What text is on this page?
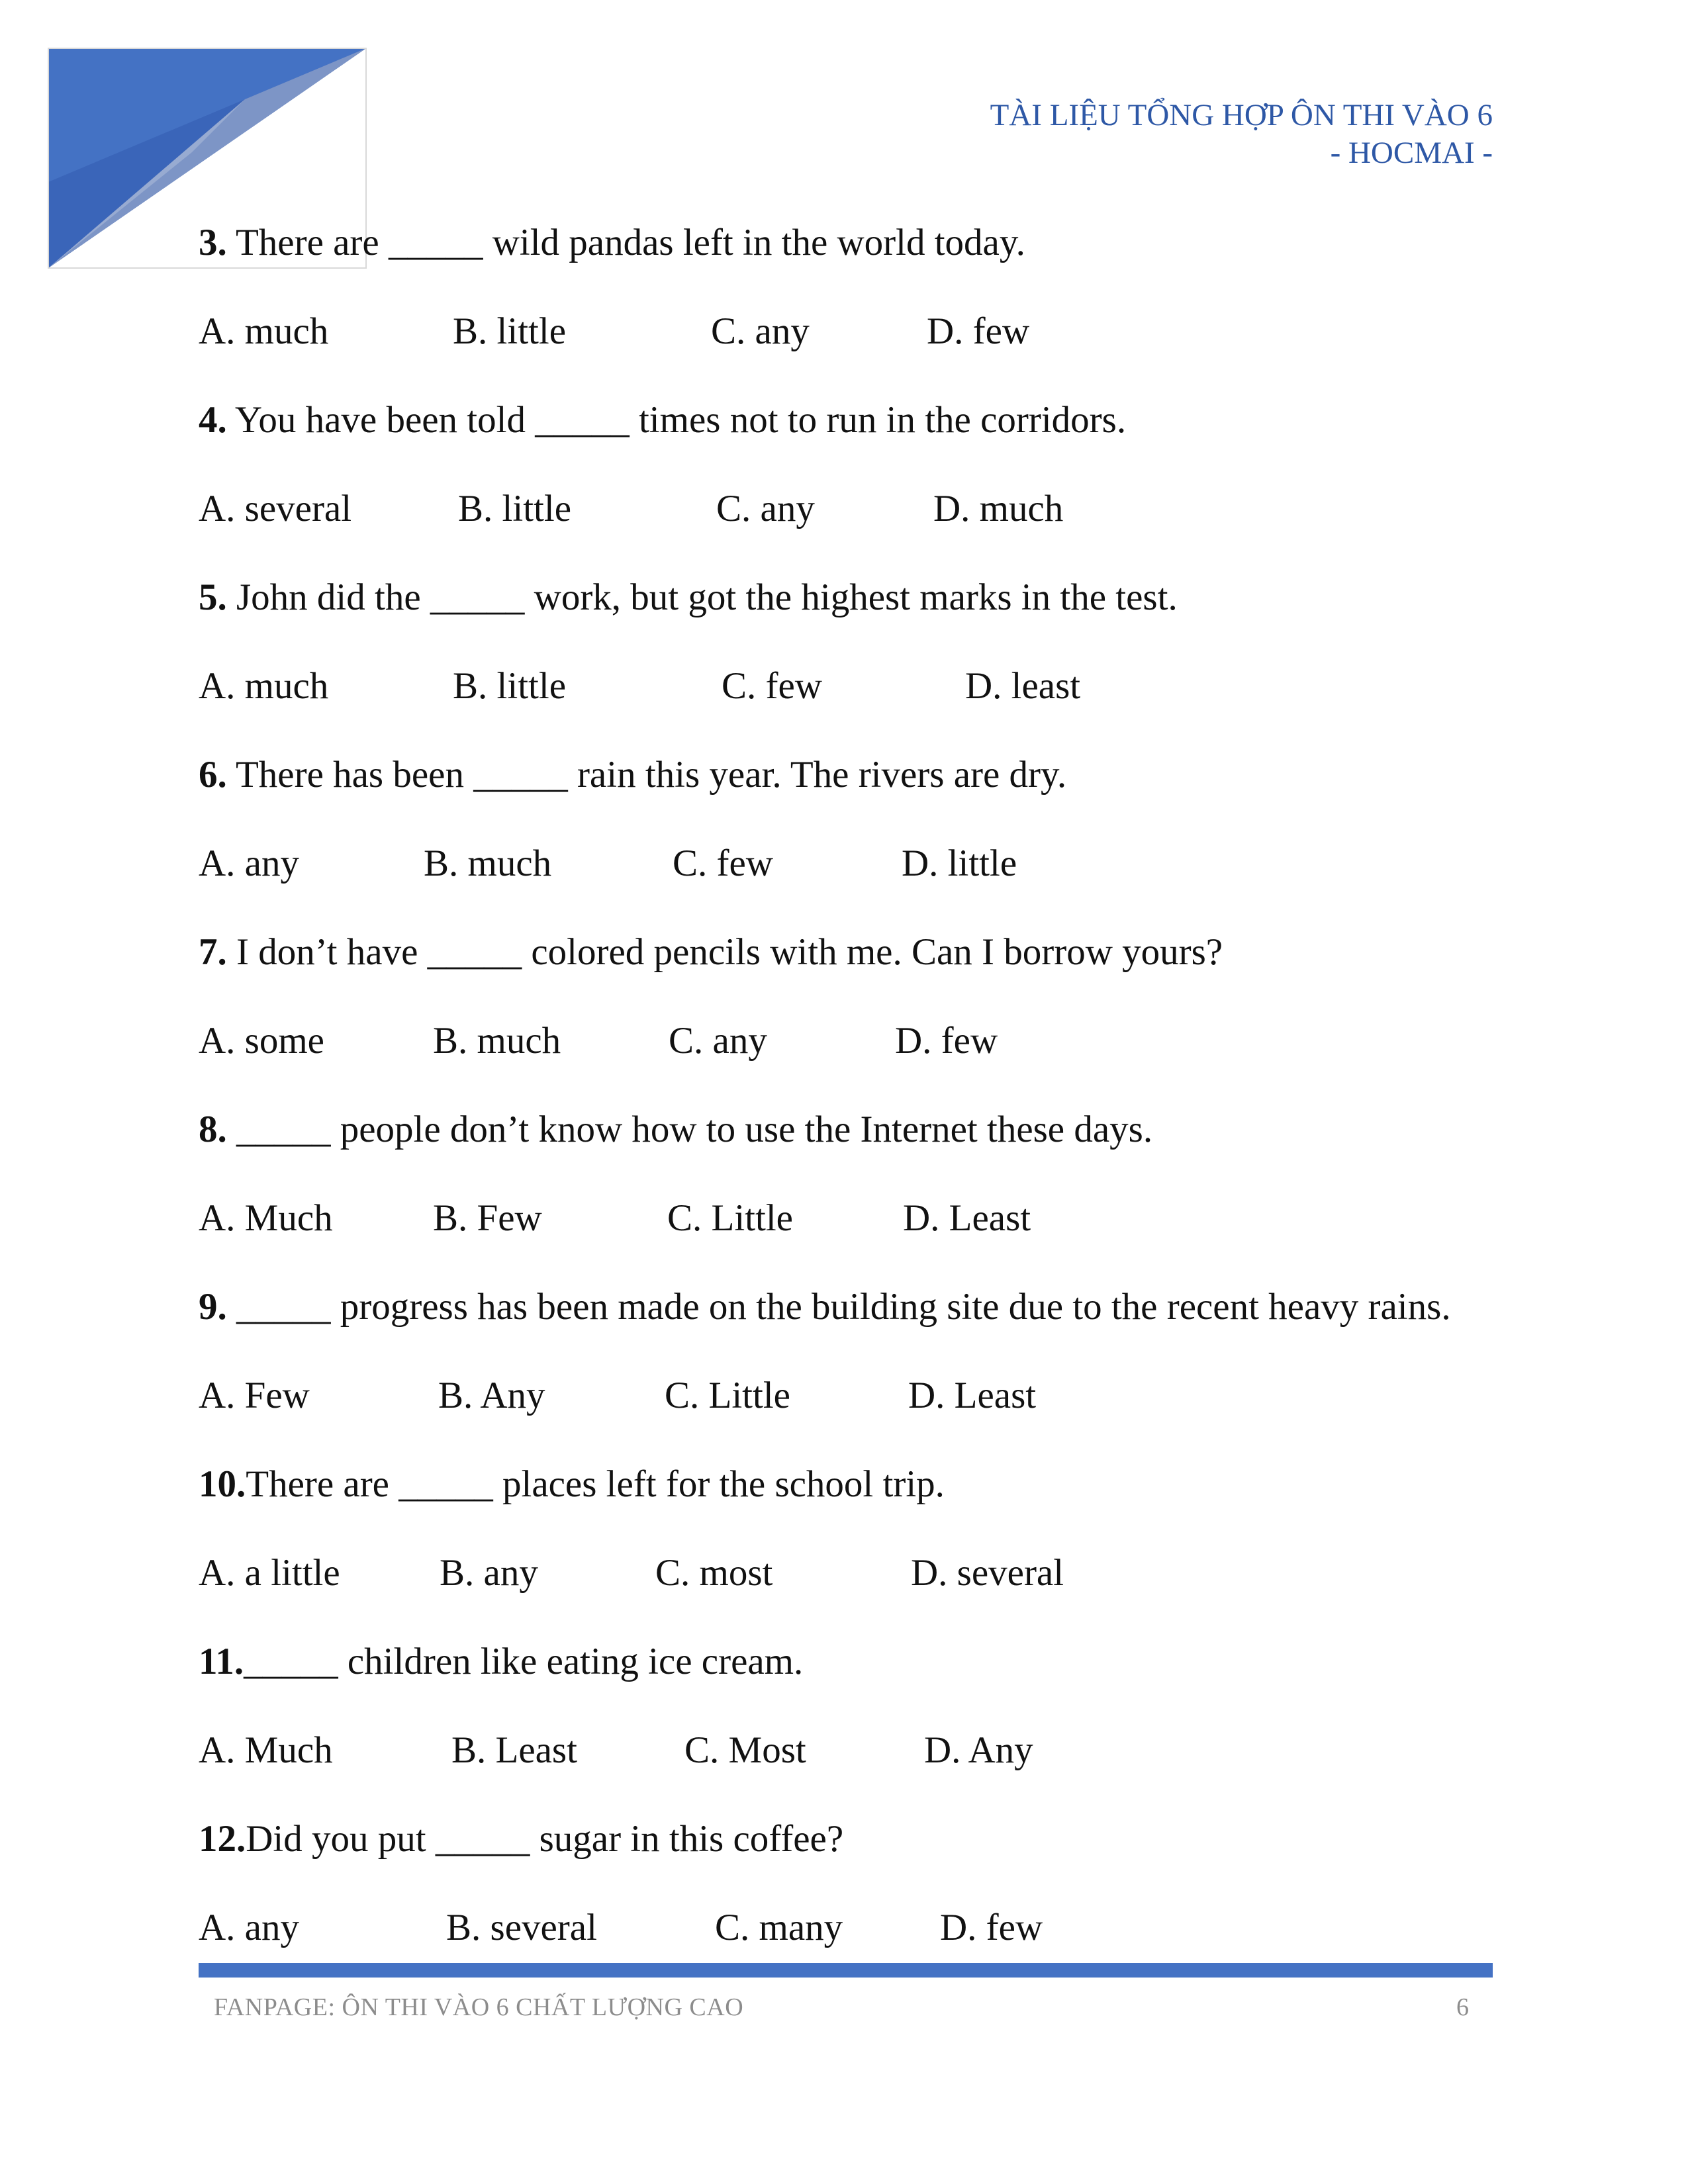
TÀI LIỆU TỔNG HỢP ÔN THI VÀO 6
- HOCMAI -
3. There are _____ wild pandas left in the world today.
A. much	B. little	C. any	D. few
4. You have been told _____ times not to run in the corridors.
A. several	B. little	C. any	D. much
5. John did the _____ work, but got the highest marks in the test.
A. much	B. little	C. few	D. least
6. There has been _____ rain this year. The rivers are dry.
A. any	B. much	C. few	D. little
7. I don’t have _____ colored pencils with me. Can I borrow yours?
A. some	B. much	C. any	D. few
8. _____ people don’t know how to use the Internet these days.
A. Much	B. Few	C. Little	D. Least
9. _____ progress has been made on the building site due to the recent heavy rains.
A. Few	B. Any	C. Little	D. Least
10.There are _____ places left for the school trip.
A. a little	B. any	C. most	D. several
11._____ children like eating ice cream.
A. Much	B. Least	C. Most	D. Any
12.Did you put _____ sugar in this coffee?
A. any	B. several	C. many	D. few
FANPAGE: ÔN THI VÀO 6 CHẤT LƯỢNG CAO	6
